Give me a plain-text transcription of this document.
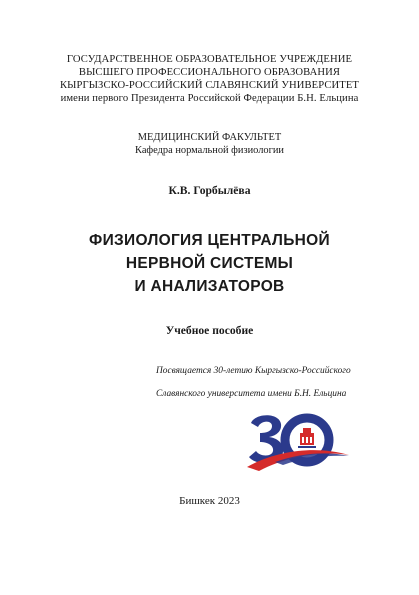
ГОСУДАРСТВЕННОЕ ОБРАЗОВАТЕЛЬНОЕ УЧРЕЖДЕНИЕ
ВЫСШЕГО ПРОФЕССИОНАЛЬНОГО ОБРАЗОВАНИЯ
КЫРГЫЗСКО-РОССИЙСКИЙ СЛАВЯНСКИЙ УНИВЕРСИТЕТ
имени первого Президента Российской Федерации Б.Н. Ельцина
МЕДИЦИНСКИЙ ФАКУЛЬТЕТ
Кафедра нормальной физиологии
К.В. Горбылёва
ФИЗИОЛОГИЯ ЦЕНТРАЛЬНОЙ
НЕРВНОЙ СИСТЕМЫ
И АНАЛИЗАТОРОВ
Учебное пособие
Посвящается 30-летию Кыргызско-Российского
Славянского университета имени Б.Н. Ельцина
Бишкек 2023
